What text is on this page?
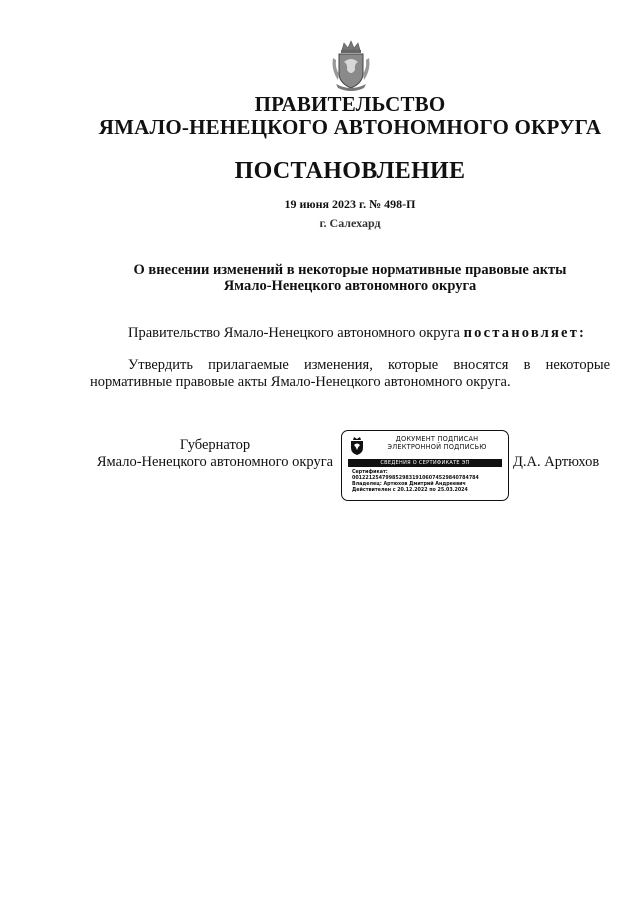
ПРАВИТЕЛЬСТВО
ЯМАЛО-НЕНЕЦКОГО АВТОНОМНОГО ОКРУГА
ПОСТАНОВЛЕНИЕ
19 июня 2023 г. № 498-П
г. Салехард
О внесении изменений в некоторые нормативные правовые акты
Ямало-Ненецкого автономного округа
Правительство Ямало-Ненецкого автономного округа постановляет:
Утвердить прилагаемые изменения, которые вносятся в некоторые нормативные правовые акты Ямало-Ненецкого автономного округа.
Губернатор
Ямало-Ненецкого автономного округа
ДОКУМЕНТ ПОДПИСАН
ЭЛЕКТРОННОЙ ПОДПИСЬЮ
СВЕДЕНИЯ О СЕРТИФИКАТЕ ЭП
Сертификат:
00122125479985298319106074529840784784
Владелец: Артюхов Дмитрий Андреевич
Действителен с 20.12.2022 по 25.03.2024
Д.А. Артюхов
